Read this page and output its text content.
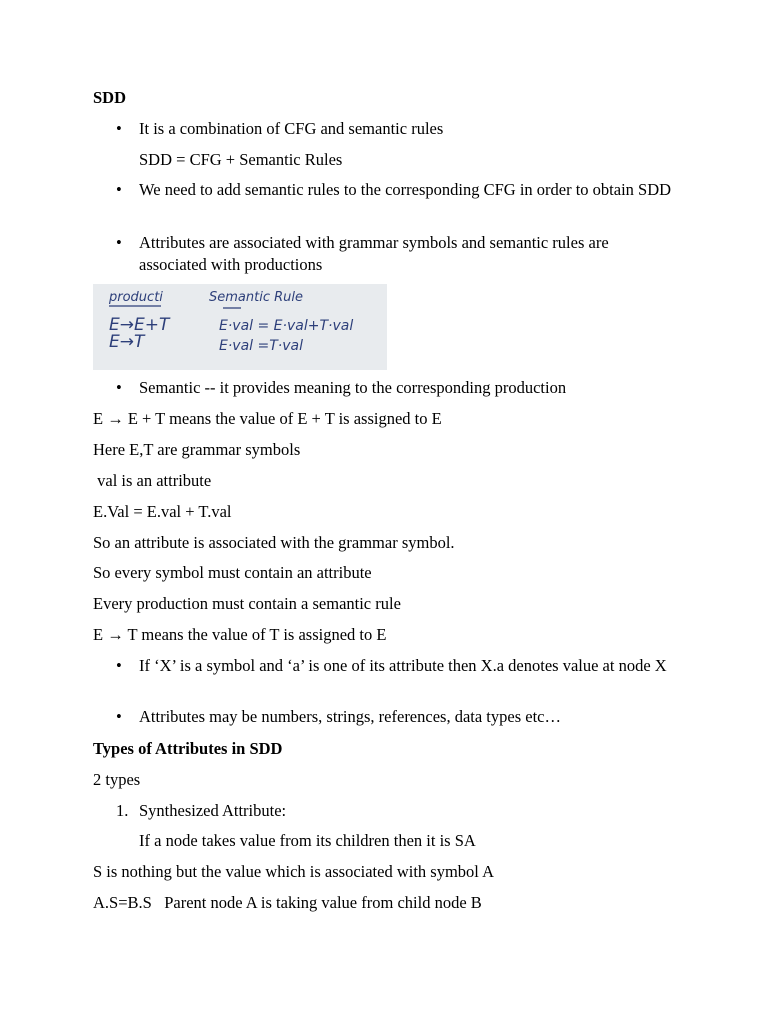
SDD
• It is a combination of CFG and semantic rules
SDD = CFG + Semantic Rules
• We need to add semantic rules to the corresponding CFG in order to obtain SDD
• Attributes are associated with grammar symbols and semantic rules are associated with productions
producti	Semantic Rule
E→E+T	E·val = E·val+T·val
E→T	E·val =T·val
• Semantic -- it provides meaning to the corresponding production
E → E + T means the value of E + T is assigned to E
Here E,T are grammar symbols
val is an attribute
E.Val = E.val + T.val
So an attribute is associated with the grammar symbol.
So every symbol must contain an attribute
Every production must contain a semantic rule
E → T means the value of T is assigned to E
• If ‘X’ is a symbol and ‘a’ is one of its attribute then X.a denotes value at node X
• Attributes may be numbers, strings, references, data types etc…
Types of Attributes in SDD
2 types
1. Synthesized Attribute:
If a node takes value from its children then it is SA
S is nothing but the value which is associated with symbol A
A.S=B.S   Parent node A is taking value from child node B
